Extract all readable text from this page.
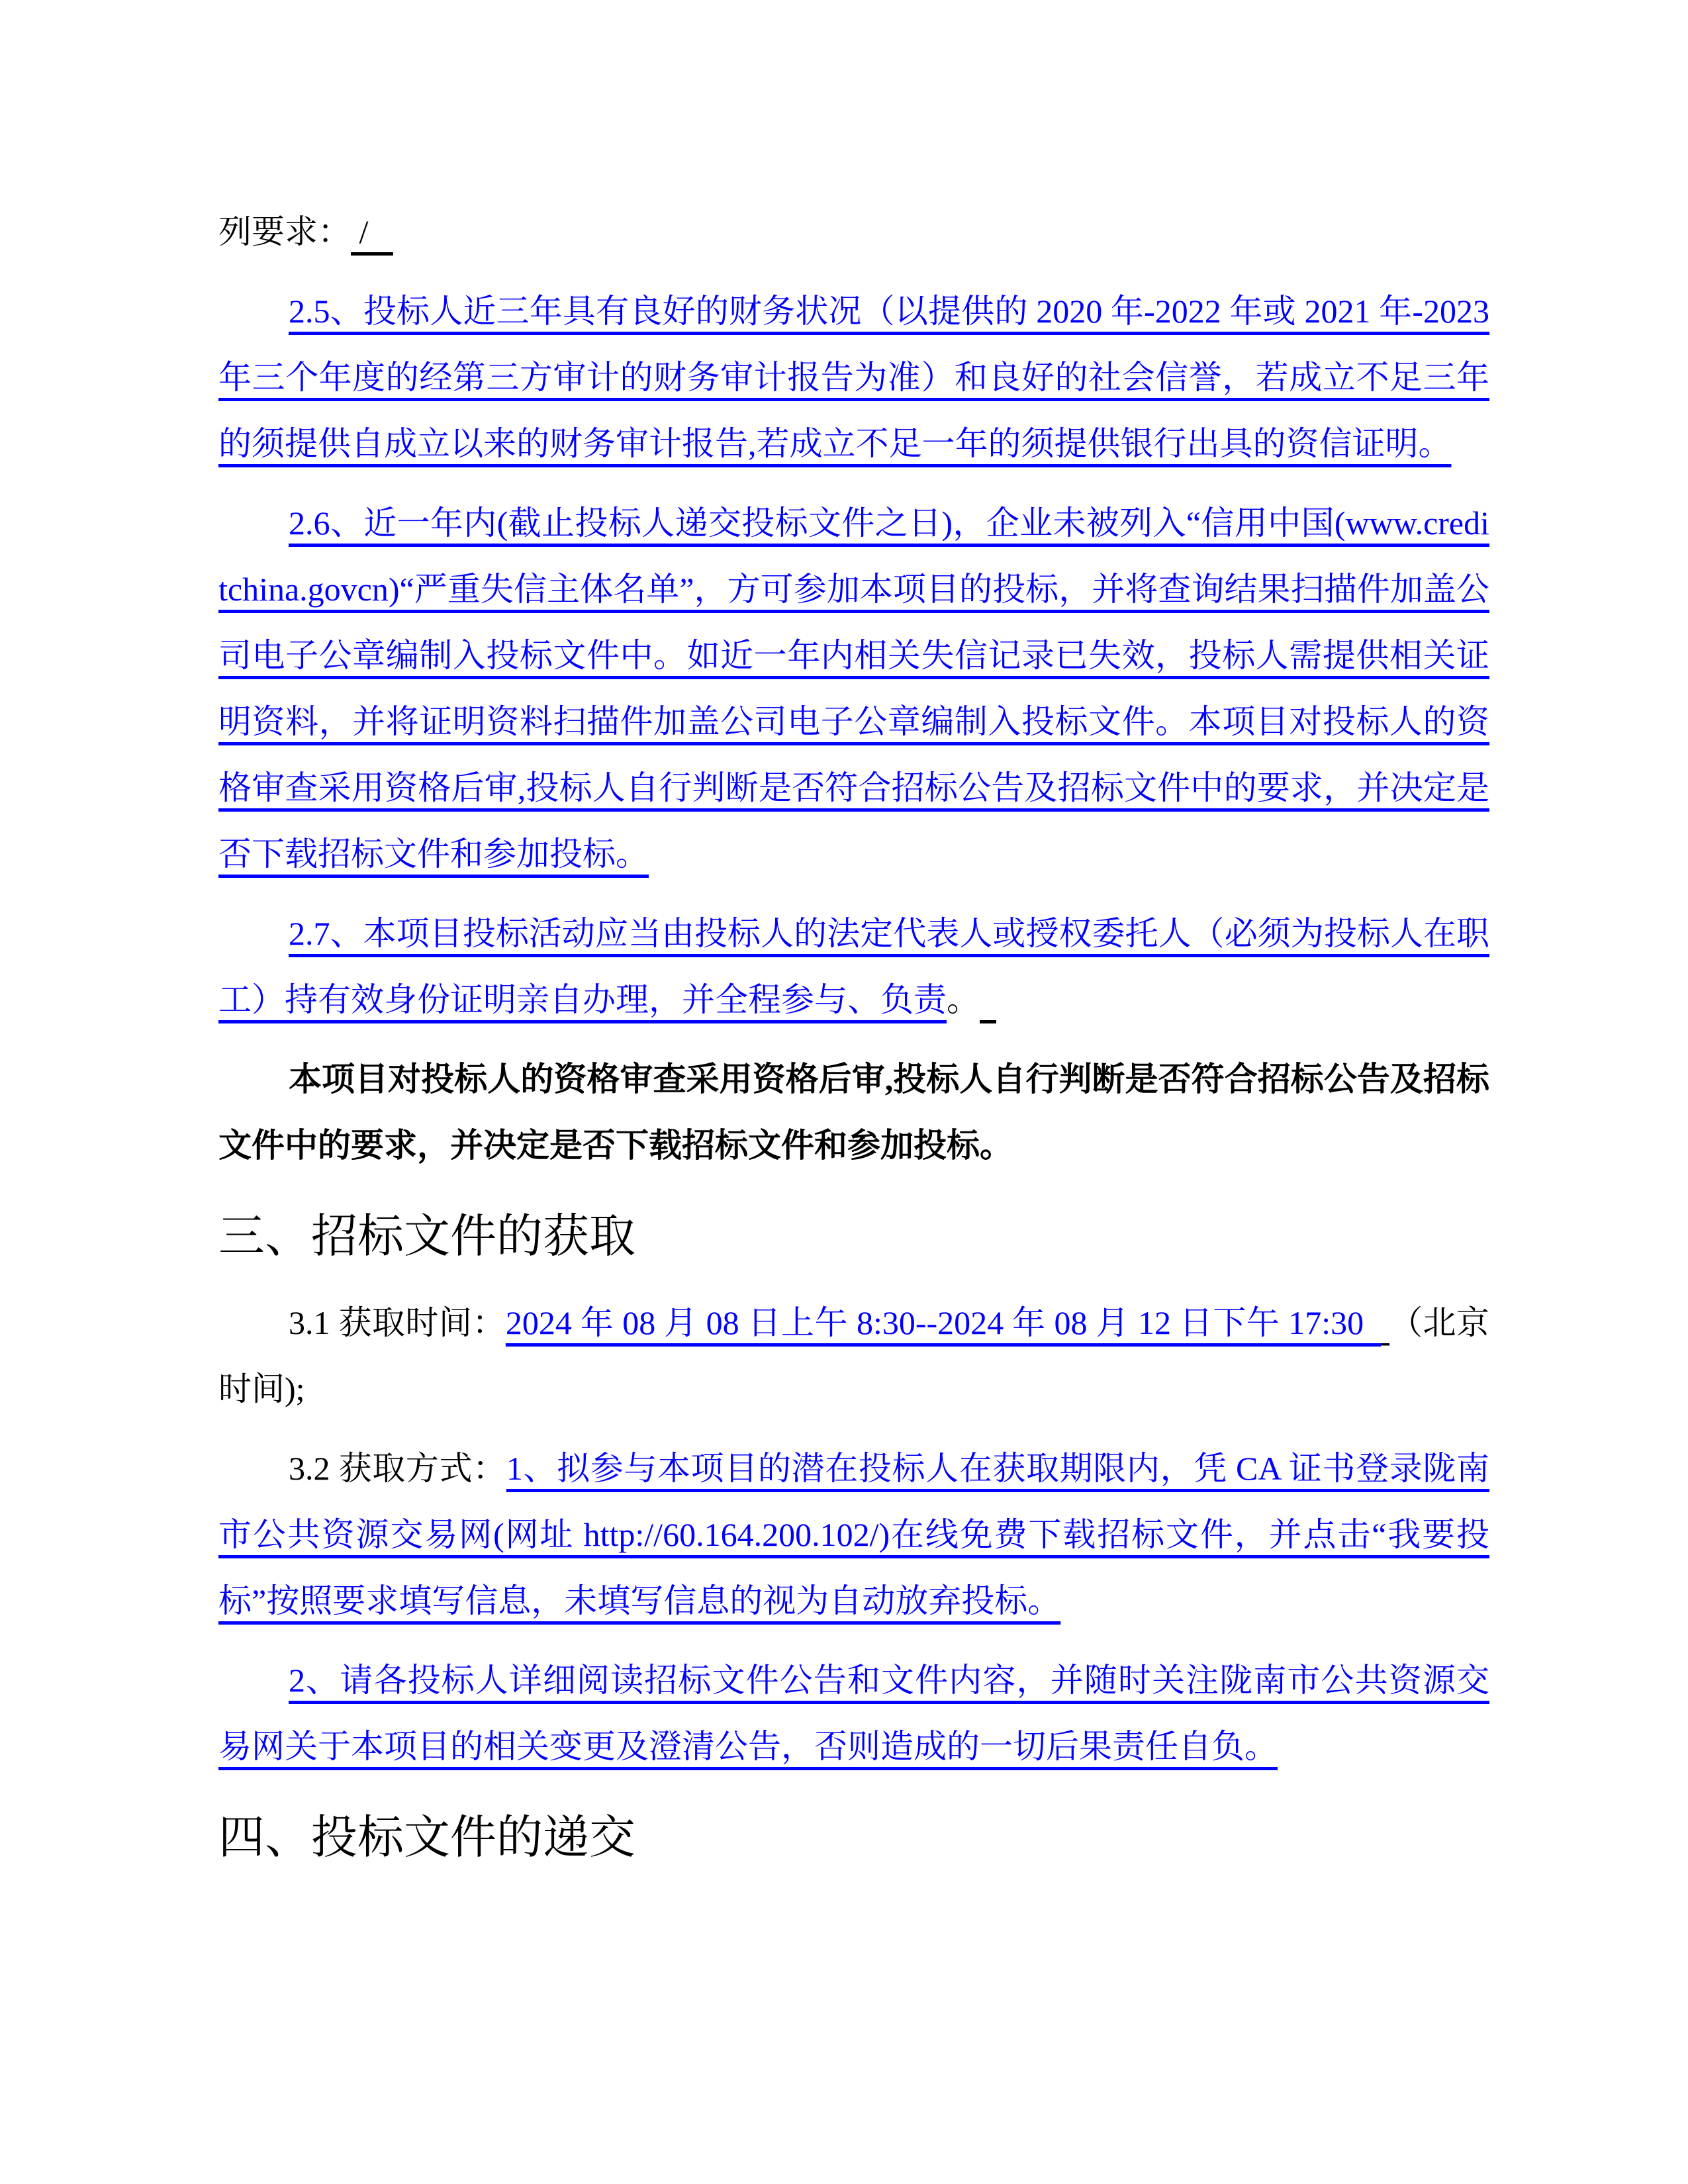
列要求： /

2.5、投标人近三年具有良好的财务状况（以提供的 2020 年-2022 年或 2021 年-2023 年三个年度的经第三方审计的财务审计报告为准）和良好的社会信誉，若成立不足三年的须提供自成立以来的财务审计报告,若成立不足一年的须提供银行出具的资信证明。

2.6、近一年内(截止投标人递交投标文件之日)，企业未被列入“信用中国(www.creditchina.govcn)“严重失信主体名单”，方可参加本项目的投标，并将查询结果扫描件加盖公司电子公章编制入投标文件中。如近一年内相关失信记录已失效，投标人需提供相关证明资料，并将证明资料扫描件加盖公司电子公章编制入投标文件。本项目对投标人的资格审查采用资格后审,投标人自行判断是否符合招标公告及招标文件中的要求，并决定是否下载招标文件和参加投标。

2.7、本项目投标活动应当由投标人的法定代表人或授权委托人（必须为投标人在职工）持有效身份证明亲自办理，并全程参与、负责。

本项目对投标人的资格审查采用资格后审,投标人自行判断是否符合招标公告及招标文件中的要求，并决定是否下载招标文件和参加投标。

三、招标文件的获取

3.1 获取时间：2024 年 08 月 08 日上午 8:30--2024 年 08 月 12 日下午 17:30   （北京时间);

3.2 获取方式：1、拟参与本项目的潜在投标人在获取期限内，凭 CA 证书登录陇南市公共资源交易网(网址 http://60.164.200.102/)在线免费下载招标文件，并点击“我要投标”按照要求填写信息，未填写信息的视为自动放弃投标。

2、请各投标人详细阅读招标文件公告和文件内容，并随时关注陇南市公共资源交易网关于本项目的相关变更及澄清公告，否则造成的一切后果责任自负。

四、投标文件的递交
